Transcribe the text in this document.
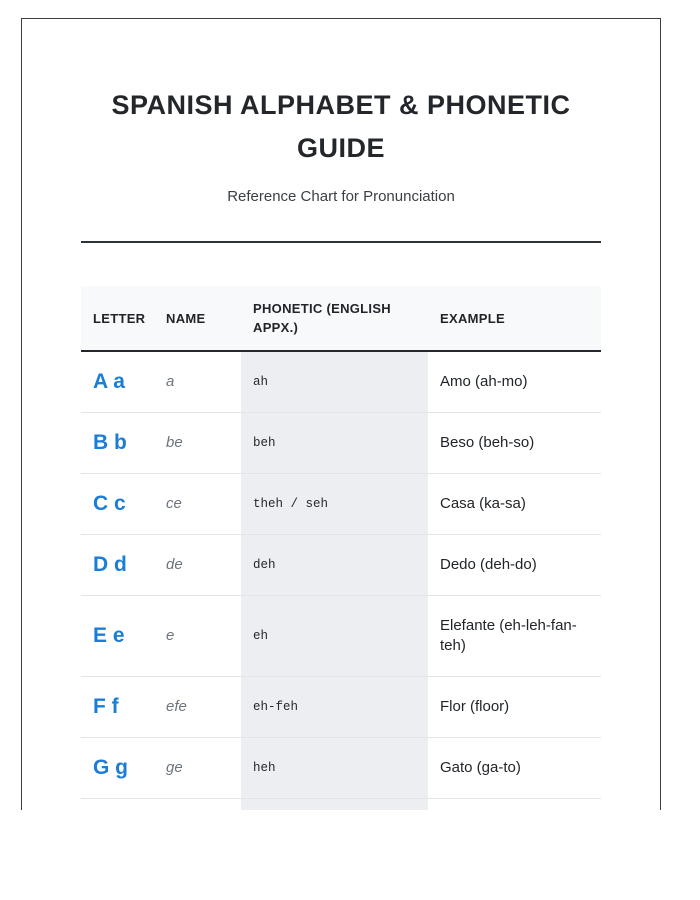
SPANISH ALPHABET & PHONETIC GUIDE
Reference Chart for Pronunciation
LETTER	NAME	PHONETIC (ENGLISH APPX.)	EXAMPLE
A a	a	ah	Amo (ah-mo)
B b	be	beh	Beso (beh-so)
C c	ce	theh / seh	Casa (ka-sa)
D d	de	deh	Dedo (deh-do)
E e	e	eh	Elefante (eh-leh-fan-teh)
F f	efe	eh-feh	Flor (floor)
G g	ge	heh	Gato (ga-to)
